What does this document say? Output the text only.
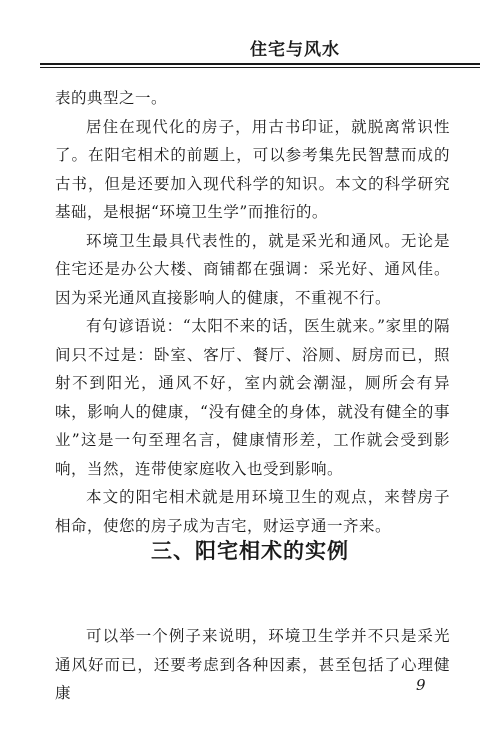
住宅与风水

表的典型之一。

居住在现代化的房子，用古书印证，就脱离常识性了。在阳宅相术的前题上，可以参考集先民智慧而成的古书，但是还要加入现代科学的知识。本文的科学研究基础，是根据“环境卫生学”而推衍的。

环境卫生最具代表性的，就是采光和通风。无论是住宅还是办公大楼、商铺都在强调：采光好、通风佳。因为采光通风直接影响人的健康，不重视不行。

有句谚语说：“太阳不来的话，医生就来。”家里的隔间只不过是：卧室、客厅、餐厅、浴厕、厨房而已，照射不到阳光，通风不好，室内就会潮湿，厕所会有异味，影响人的健康，“没有健全的身体，就没有健全的事业”这是一句至理名言，健康情形差，工作就会受到影响，当然，连带使家庭收入也受到影响。

本文的阳宅相术就是用环境卫生的观点，来替房子相命，使您的房子成为吉宅，财运亨通一齐来。

三、阳宅相术的实例

可以举一个例子来说明，环境卫生学并不只是采光通风好而已，还要考虑到各种因素，甚至包括了心理健康	9
